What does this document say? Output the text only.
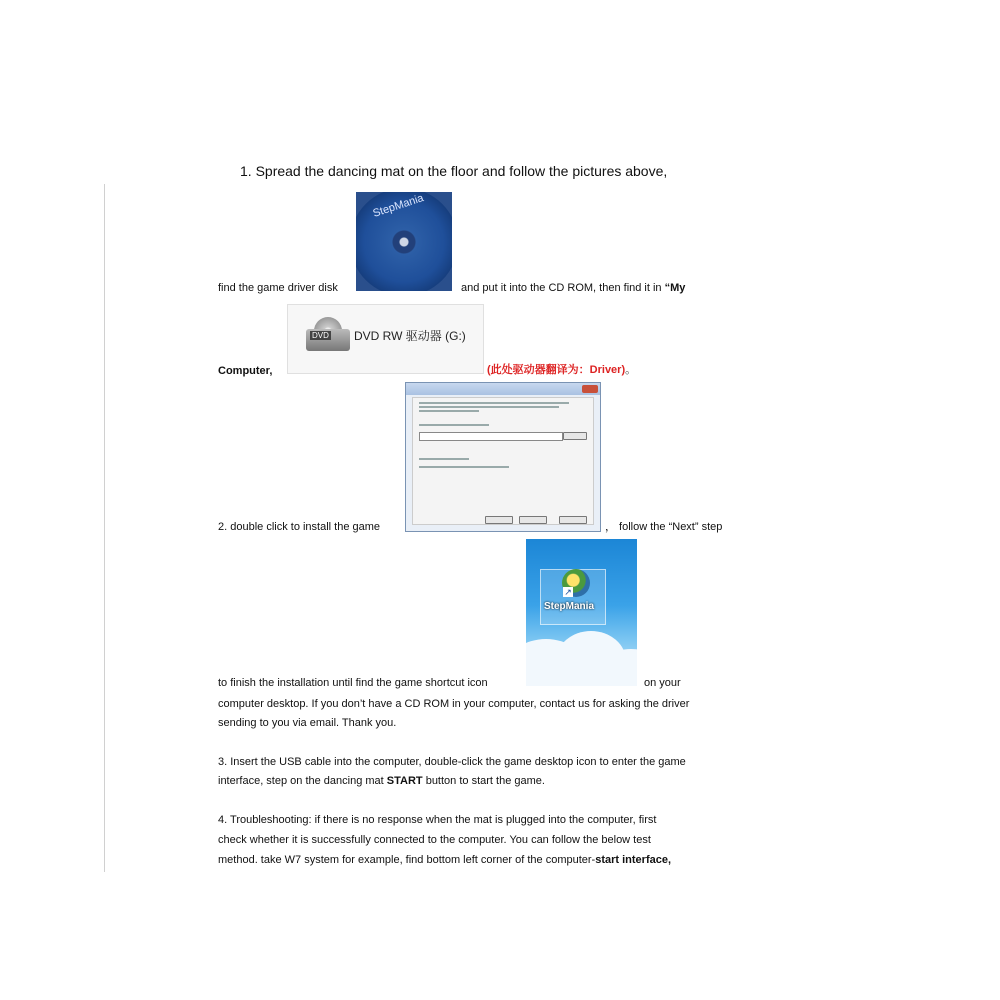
1. Spread the dancing mat on the floor and follow the pictures above,
StepMania
find the game driver disk	and put it into the CD ROM, then find it in “My
DVD DVD RW 驱动器 (G:)
Computer,	(此处驱动器翻译为：Driver)。
2. double click to install the game	， follow the “Next” step
↗
StepMania
to finish the installation until find the game shortcut icon	on your
computer desktop. If you don’t have a CD ROM in your computer, contact us for asking the driver
sending to you via email. Thank you.
3. Insert the USB cable into the computer, double-click the game desktop icon to enter the game
interface, step on the dancing mat START button to start the game.
4. Troubleshooting: if there is no response when the mat is plugged into the computer, first
check whether it is successfully connected to the computer. You can follow the below test
method. take W7 system for example, find bottom left corner of the computer-start interface,
